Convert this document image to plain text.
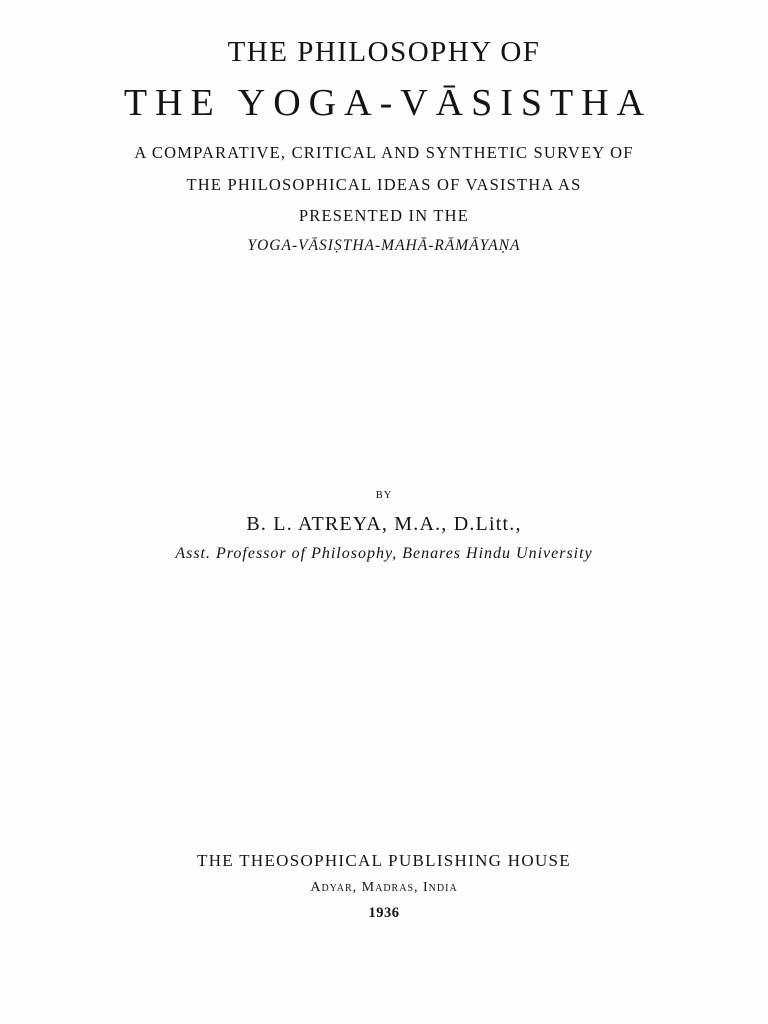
THE PHILOSOPHY OF
THE YOGA-VĀSISTHA
A COMPARATIVE, CRITICAL AND SYNTHETIC SURVEY OF
THE PHILOSOPHICAL IDEAS OF VASISTHA AS
PRESENTED IN THE
YOGA-VĀSIṢTHA-MAHĀ-RĀMĀYAṆA
BY
B. L. ATREYA, M.A., D.Litt.,
Asst. Professor of Philosophy, Benares Hindu University
THE THEOSOPHICAL PUBLISHING HOUSE
Adyar, Madras, India
1936
